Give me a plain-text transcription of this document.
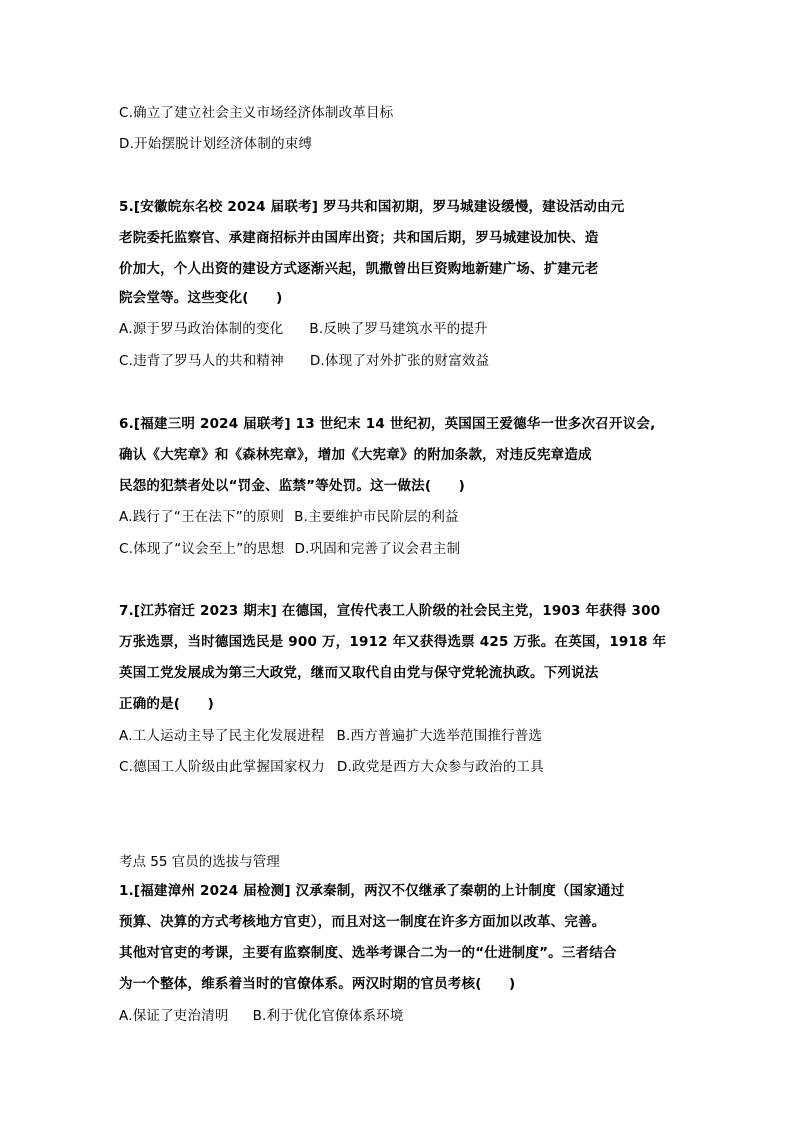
C.确立了建立社会主义市场经济体制改革目标
D.开始摆脱计划经济体制的束缚
5.[安徽皖东名校 2024 届联考] 罗马共和国初期，罗马城建设缓慢，建设活动由元
老院委托监察官、承建商招标并由国库出资；共和国后期，罗马城建设加快、造
价加大，个人出资的建设方式逐渐兴起，凯撒曾出巨资购地新建广场、扩建元老
院会堂等。这些变化(　　)
A.源于罗马政治体制的变化 B.反映了罗马建筑水平的提升
C.违背了罗马人的共和精神 D.体现了对外扩张的财富效益
6.[福建三明 2024 届联考] 13 世纪末 14 世纪初，英国国王爱德华一世多次召开议会,
确认《大宪章》和《森林宪章》，增加《大宪章》的附加条款，对违反宪章造成
民怨的犯禁者处以“罚金、监禁”等处罚。这一做法(　　)
A.践行了“王在法下”的原则 B.主要维护市民阶层的利益
C.体现了“议会至上”的思想 D.巩固和完善了议会君主制
7.[江苏宿迁 2023 期末] 在德国，宣传代表工人阶级的社会民主党，1903 年获得 300
万张选票，当时德国选民是 900 万，1912 年又获得选票 425 万张。在英国，1918 年
英国工党发展成为第三大政党，继而又取代自由党与保守党轮流执政。下列说法
正确的是(　　)
A.工人运动主导了民主化发展进程 B.西方普遍扩大选举范围推行普选
C.德国工人阶级由此掌握国家权力 D.政党是西方大众参与政治的工具
考点 55 官员的选拔与管理
1.[福建漳州 2024 届检测] 汉承秦制，两汉不仅继承了秦朝的上计制度（国家通过
预算、决算的方式考核地方官吏），而且对这一制度在许多方面加以改革、完善。
其他对官吏的考课，主要有监察制度、选举考课合二为一的“仕进制度”。三者结合
为一个整体，维系着当时的官僚体系。两汉时期的官员考核(　　)
A.保证了吏治清明 B.利于优化官僚体系环境
